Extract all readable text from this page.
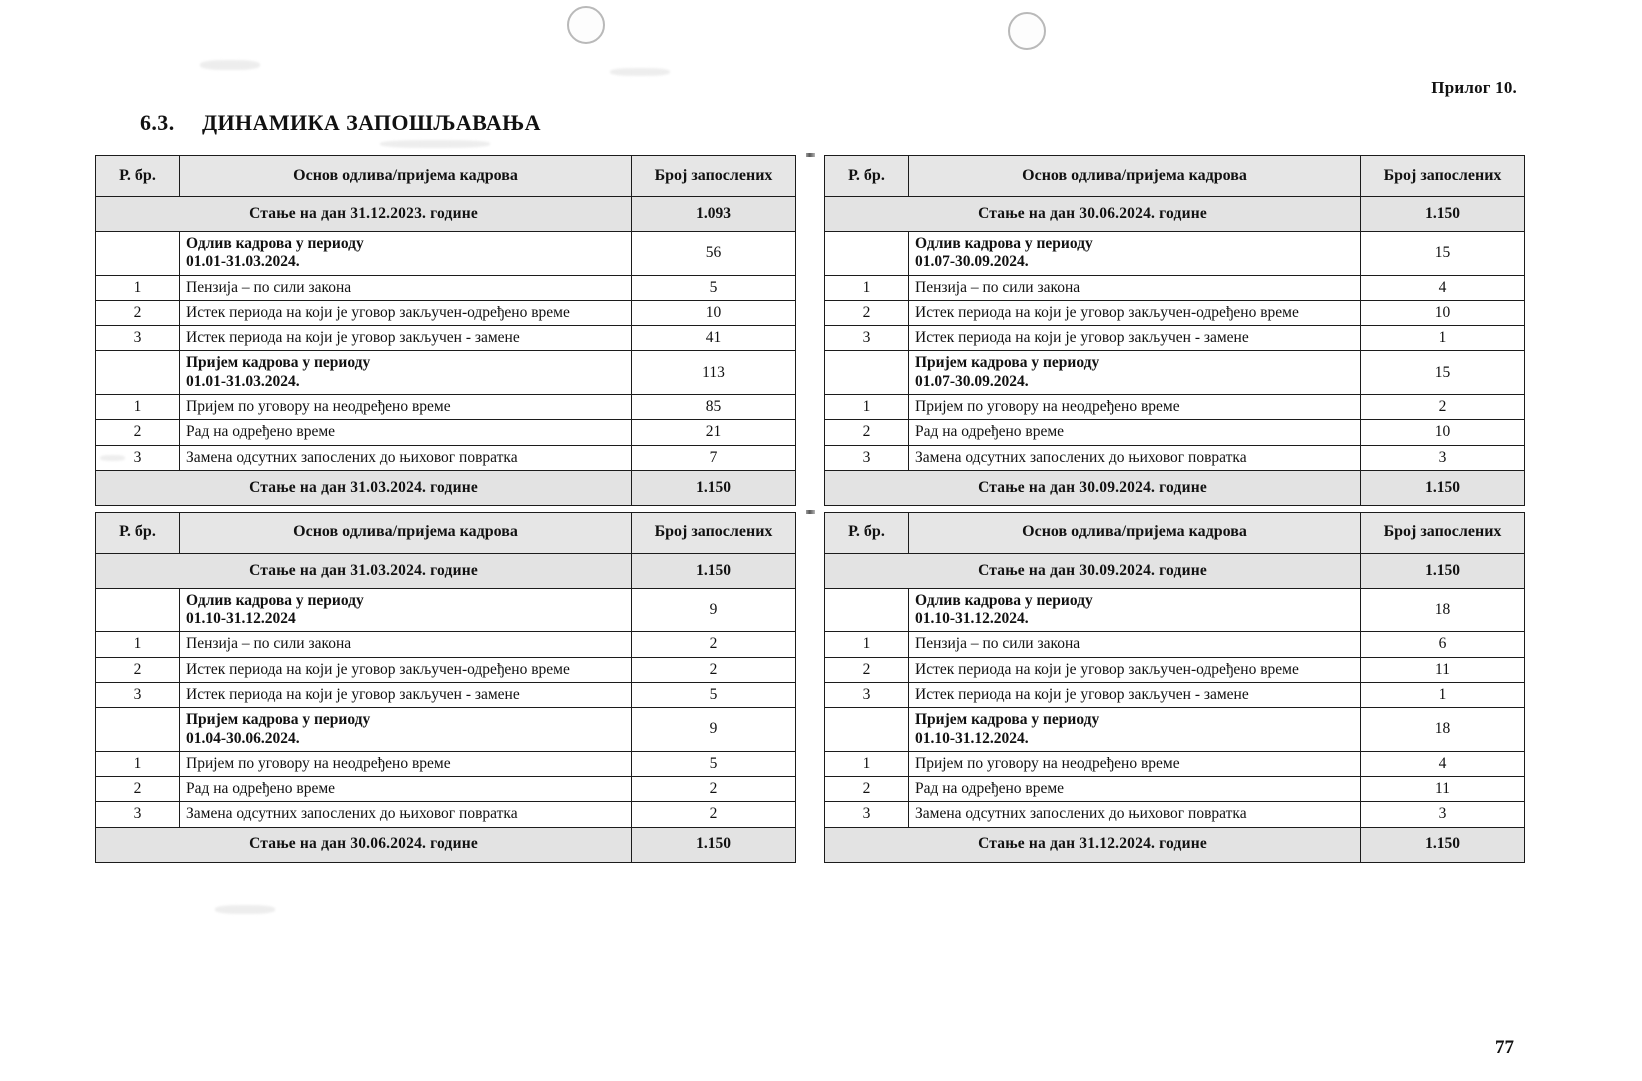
Прилог 10.
6.3. ДИНАМИКА ЗАПОШЉАВАЊА
Р. бр.	Основ одлива/пријема кадрова	Број запослених
Стање на дан 31.12.2023. године		1.093

	Одлив кадрова у периоду
01.01-31.03.2024.	56
1	Пензија – по сили закона	5
2	Истек периода на који је уговор закључен-одређено време	10
3	Истек периода на који је уговор закључен - замене	41

	Пријем кадрова у периоду
01.01-31.03.2024.	113
1	Пријем по уговору на неодређено време	85
2	Рад на одређено време	21
3	Замена одсутних запослених до њиховог повратка	7
Стање на дан 31.03.2024. године		1.150
Р. бр.	Основ одлива/пријема кадрова	Број запослених
Стање на дан 30.06.2024. године		1.150

	Одлив кадрова у периоду
01.07-30.09.2024.	15
1	Пензија – по сили закона	4
2	Истек периода на који је уговор закључен-одређено време	10
3	Истек периода на који је уговор закључен - замене	1

	Пријем кадрова у периоду
01.07-30.09.2024.	15
1	Пријем по уговору на неодређено време	2
2	Рад на одређено време	10
3	Замена одсутних запослених до њиховог повратка	3
Стање на дан 30.09.2024. године		1.150
Р. бр.	Основ одлива/пријема кадрова	Број запослених
Стање на дан 31.03.2024. године		1.150

	Одлив кадрова у периоду
01.10-31.12.2024	9
1	Пензија – по сили закона	2
2	Истек периода на који је уговор закључен-одређено време	2
3	Истек периода на који је уговор закључен - замене	5

	Пријем кадрова у периоду
01.04-30.06.2024.	9
1	Пријем по уговору на неодређено време	5
2	Рад на одређено време	2
3	Замена одсутних запослених до њиховог повратка	2
Стање на дан 30.06.2024. године		1.150
Р. бр.	Основ одлива/пријема кадрова	Број запослених
Стање на дан 30.09.2024. године		1.150

	Одлив кадрова у периоду
01.10-31.12.2024.	18
1	Пензија – по сили закона	6
2	Истек периода на који је уговор закључен-одређено време	11
3	Истек периода на који је уговор закључен - замене	1

	Пријем кадрова у периоду
01.10-31.12.2024.	18
1	Пријем по уговору на неодређено време	4
2	Рад на одређено време	11
3	Замена одсутних запослених до њиховог повратка	3
Стање на дан 31.12.2024. године		1.150
77
